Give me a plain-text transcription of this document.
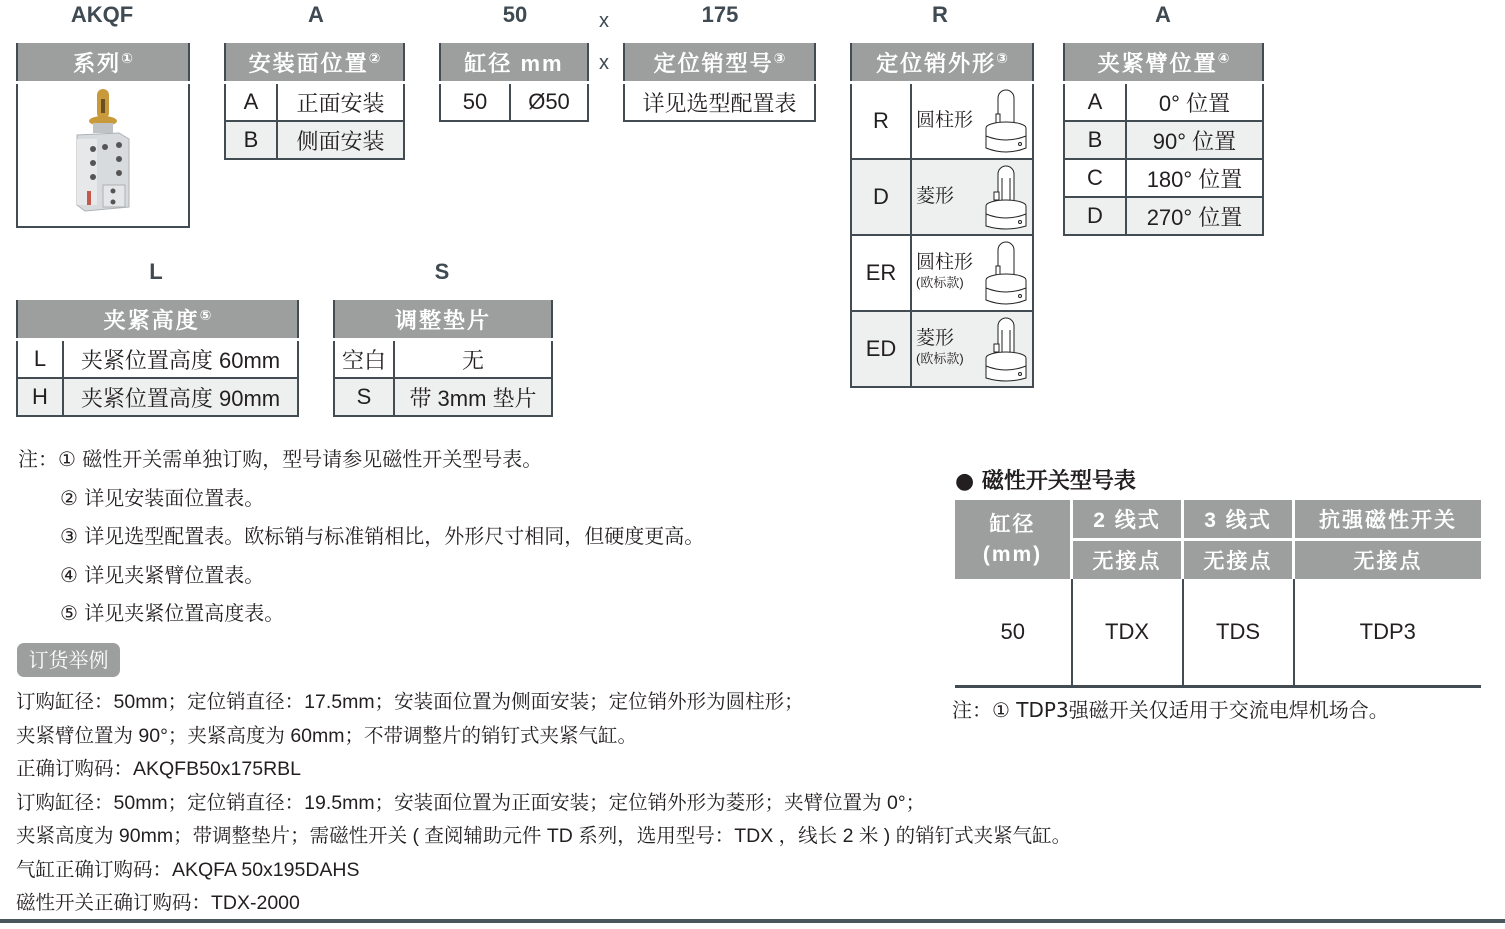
AKQF	A	50	x	175
x
R	A
L	S
系列①	安装面位置②
A	正面安装
B	侧面安装
缸径 mm
50	Ø50
定位销型号③
详见选型配置表
定位销外形③
R	圆柱形

D	菱形

ER	圆柱形
(欧标款)

ED	菱形
(欧标款)
夹紧臂位置④
A	0° 位置
B	90° 位置
C	180° 位置
D	270° 位置
夹紧高度⑤
L	夹紧位置高度 60mm
H	夹紧位置高度 90mm
调整垫片	
空白	无
S	带 3mm 垫片
注：① 磁性开关需单独订购，型号请参见磁性开关型号表。
② 详见安装面位置表。
③ 详见选型配置表。欧标销与标准销相比，外形尺寸相同，但硬度更高。
④ 详见夹紧臂位置表。
⑤ 详见夹紧位置高度表。
订货举例
订购缸径：50mm；定位销直径：17.5mm；安装面位置为侧面安装；定位销外形为圆柱形；
夹紧臂位置为 90°；夹紧高度为 60mm；不带调整片的销钉式夹紧气缸。
正确订购码：AKQFB50x175RBL
订购缸径：50mm；定位销直径：19.5mm；安装面位置为正面安装；定位销外形为菱形；夹臂位置为 0°；
夹紧高度为 90mm；带调整垫片；需磁性开关 ( 查阅辅助元件 TD 系列，选用型号：TDX ，线长 2 米 ) 的销钉式夹紧气缸。
气缸正确订购码：AKQFA 50x195DAHS
磁性开关正确订购码：TDX-2000
● 磁性开关型号表
缸径
(mm)	2 线式	3 线式	抗强磁性开关
	无接点	无接点	无接点
50	TDX	TDS	TDP3
注：① TDP3强磁开关仅适用于交流电焊机场合。
